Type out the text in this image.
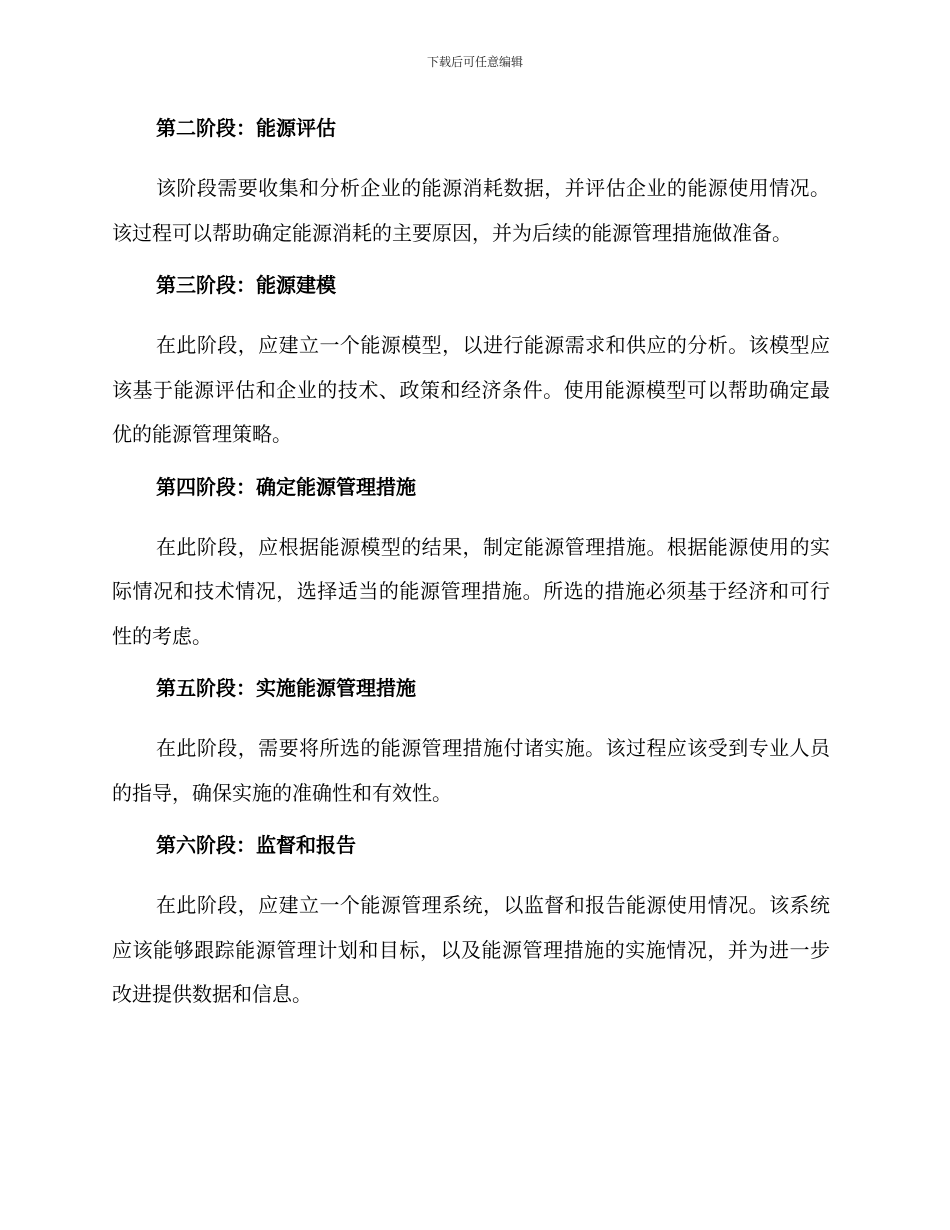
下载后可任意编辑
第二阶段：能源评估
该阶段需要收集和分析企业的能源消耗数据，并评估企业的能源使用情况。该过程可以帮助确定能源消耗的主要原因，并为后续的能源管理措施做准备。
第三阶段：能源建模
在此阶段，应建立一个能源模型，以进行能源需求和供应的分析。该模型应该基于能源评估和企业的技术、政策和经济条件。使用能源模型可以帮助确定最优的能源管理策略。
第四阶段：确定能源管理措施
在此阶段，应根据能源模型的结果，制定能源管理措施。根据能源使用的实际情况和技术情况，选择适当的能源管理措施。所选的措施必须基于经济和可行性的考虑。
第五阶段：实施能源管理措施
在此阶段，需要将所选的能源管理措施付诸实施。该过程应该受到专业人员的指导，确保实施的准确性和有效性。
第六阶段：监督和报告
在此阶段，应建立一个能源管理系统，以监督和报告能源使用情况。该系统应该能够跟踪能源管理计划和目标，以及能源管理措施的实施情况，并为进一步改进提供数据和信息。
